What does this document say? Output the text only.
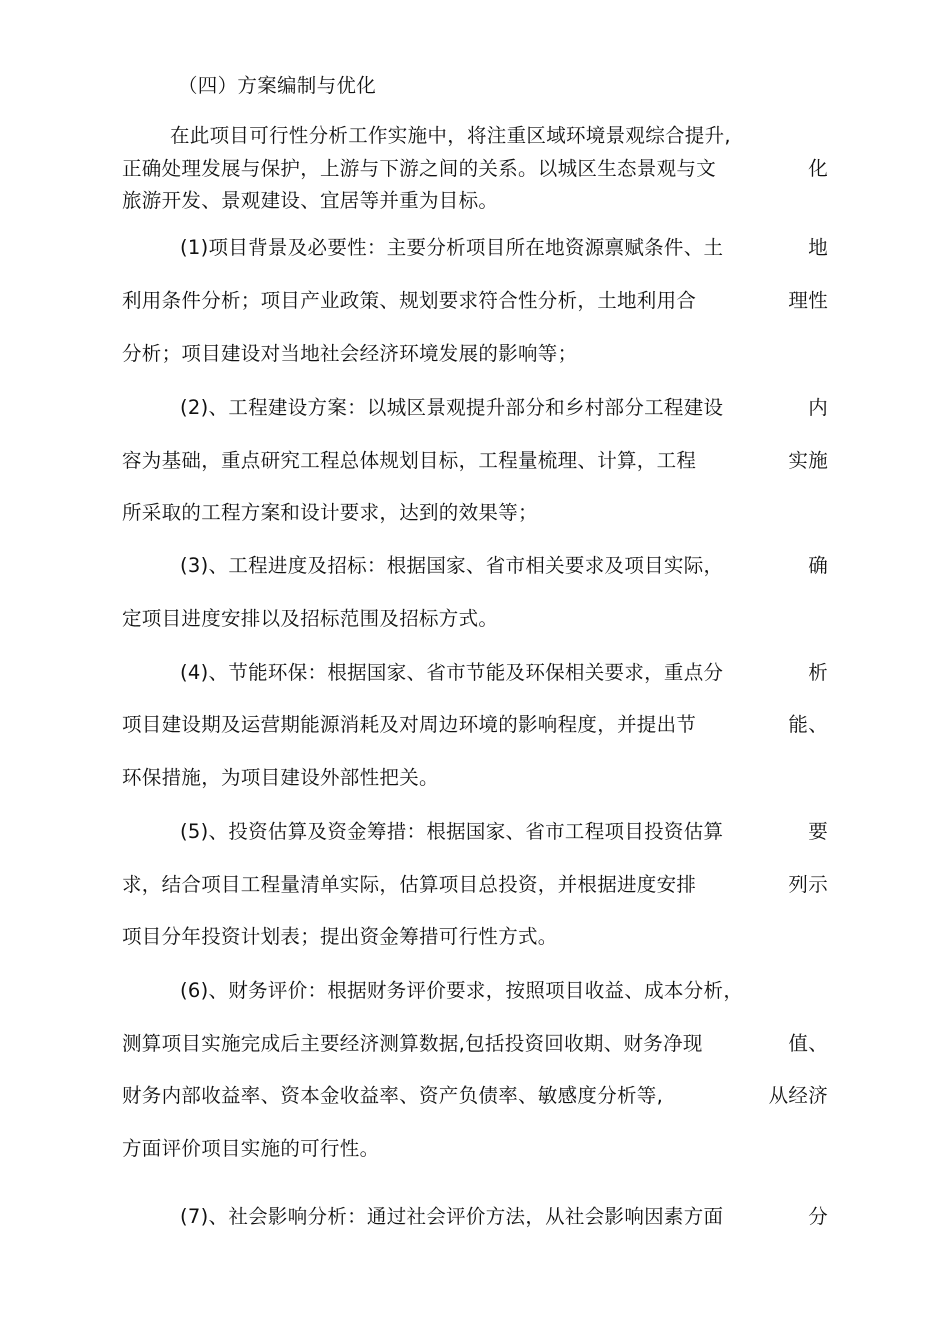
（四）方案编制与优化
在此项目可行性分析工作实施中，将注重区域环境景观综合提升,
正确处理发展与保护，上游与下游之间的关系。以城区生态景观与文	化
旅游开发、景观建设、宜居等并重为目标。
(1)项目背景及必要性：主要分析项目所在地资源禀赋条件、土	地
利用条件分析；项目产业政策、规划要求符合性分析，土地利用合	理性
分析；项目建设对当地社会经济环境发展的影响等；
(2)、工程建设方案：以城区景观提升部分和乡村部分工程建设	内
容为基础，重点研究工程总体规划目标，工程量梳理、计算，工程	实施
所采取的工程方案和设计要求，达到的效果等；
(3)、工程进度及招标：根据国家、省市相关要求及项目实际，	确
定项目进度安排以及招标范围及招标方式。
(4)、节能环保：根据国家、省市节能及环保相关要求，重点分	析
项目建设期及运营期能源消耗及对周边环境的影响程度，并提出节	能、
环保措施，为项目建设外部性把关。
(5)、投资估算及资金筹措：根据国家、省市工程项目投资估算	要
求，结合项目工程量清单实际，估算项目总投资，并根据进度安排	列示
项目分年投资计划表；提出资金筹措可行性方式。
(6)、财务评价：根据财务评价要求，按照项目收益、成本分析，
测算项目实施完成后主要经济测算数据,包括投资回收期、财务净现	值、
财务内部收益率、资本金收益率、资产负债率、敏感度分析等,	从经济
方面评价项目实施的可行性。
(7)、社会影响分析：通过社会评价方法，从社会影响因素方面	分
